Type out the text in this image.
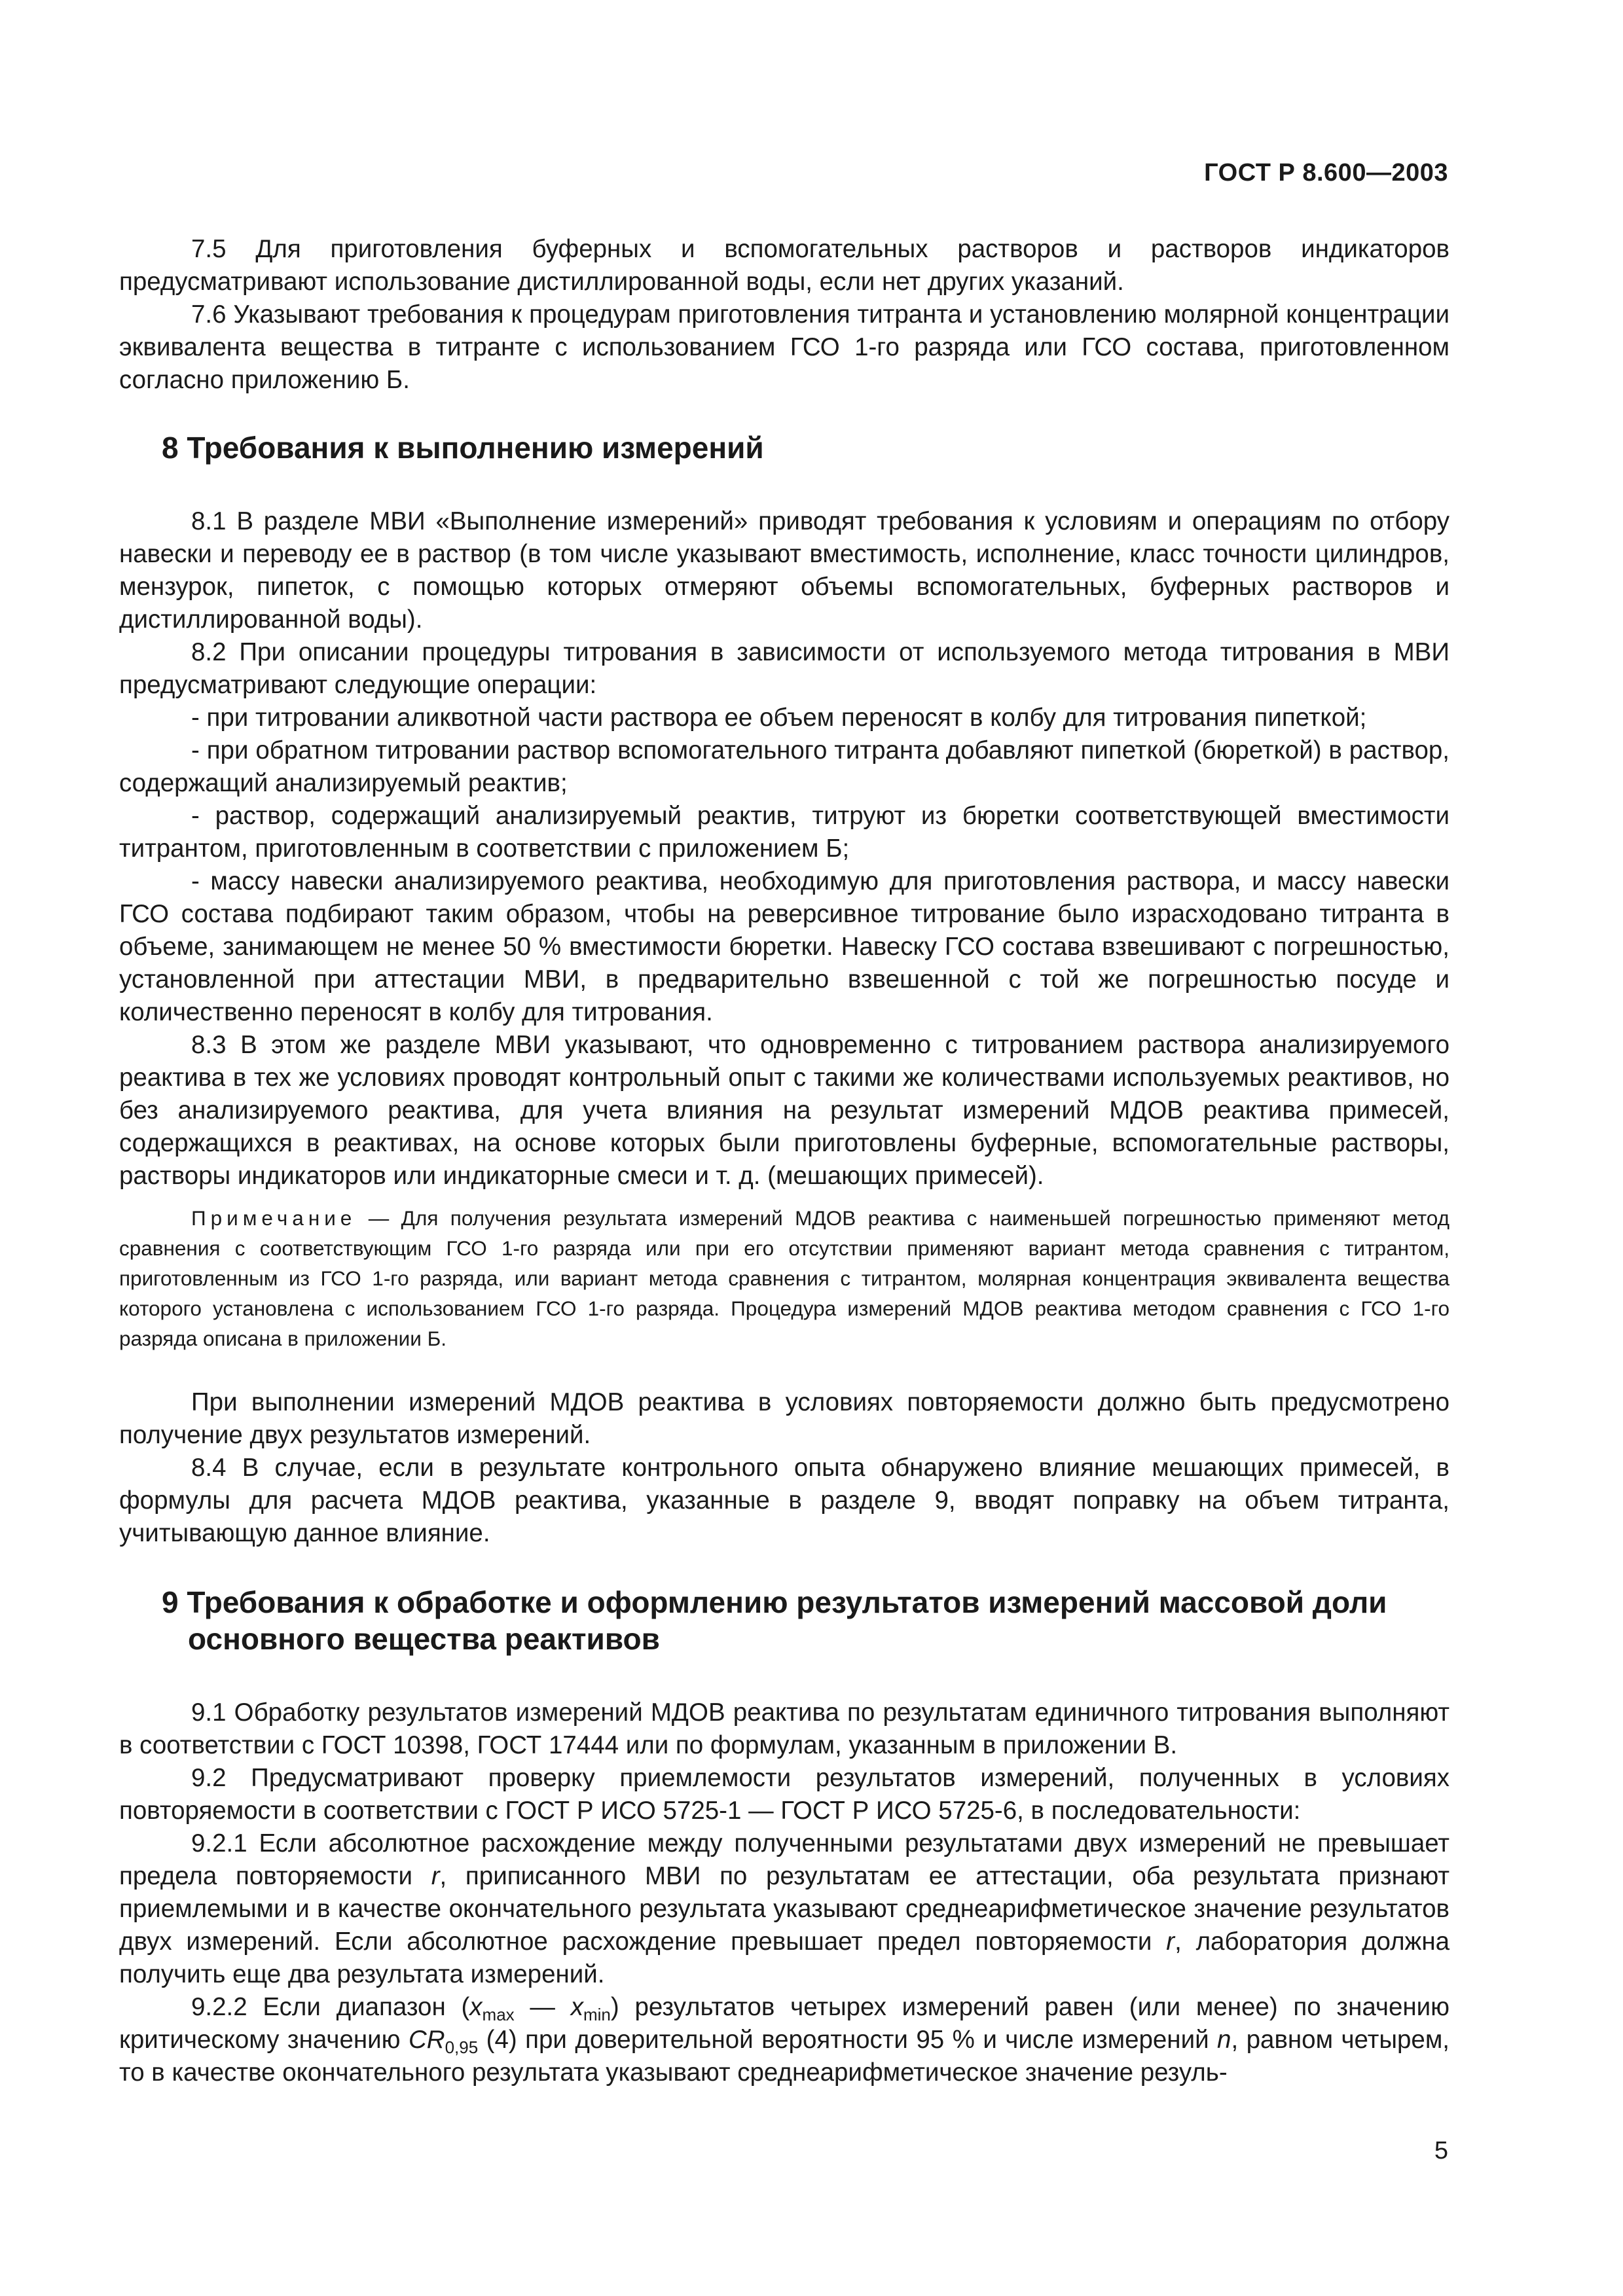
ГОСТ Р 8.600—2003

7.5 Для приготовления буферных и вспомогательных растворов и растворов индикаторов предусматривают использование дистиллированной воды, если нет других указаний.

7.6 Указывают требования к процедурам приготовления титранта и установлению молярной концентрации эквивалента вещества в титранте с использованием ГСО 1-го разряда или ГСО состава, приготовленном согласно приложению Б.

8 Требования к выполнению измерений

8.1 В разделе МВИ «Выполнение измерений» приводят требования к условиям и операциям по отбору навески и переводу ее в раствор (в том числе указывают вместимость, исполнение, класс точности цилиндров, мензурок, пипеток, с помощью которых отмеряют объемы вспомогательных, буферных растворов и дистиллированной воды).

8.2 При описании процедуры титрования в зависимости от используемого метода титрования в МВИ предусматривают следующие операции:

- при титровании аликвотной части раствора ее объем переносят в колбу для титрования пипеткой;

- при обратном титровании раствор вспомогательного титранта добавляют пипеткой (бюреткой) в раствор, содержащий анализируемый реактив;

- раствор, содержащий анализируемый реактив, титруют из бюретки соответствующей вместимости титрантом, приготовленным в соответствии с приложением Б;

- массу навески анализируемого реактива, необходимую для приготовления раствора, и массу навески ГСО состава подбирают таким образом, чтобы на реверсивное титрование было израсходовано титранта в объеме, занимающем не менее 50 % вместимости бюретки. Навеску ГСО состава взвешивают с погрешностью, установленной при аттестации МВИ, в предварительно взвешенной с той же погрешностью посуде и количественно переносят в колбу для титрования.

8.3 В этом же разделе МВИ указывают, что одновременно с титрованием раствора анализируемого реактива в тех же условиях проводят контрольный опыт с такими же количествами используемых реактивов, но без анализируемого реактива, для учета влияния на результат измерений МДОВ реактива примесей, содержащихся в реактивах, на основе которых были приготовлены буферные, вспомогательные растворы, растворы индикаторов или индикаторные смеси и т. д. (мешающих примесей).

Примечание — Для получения результата измерений МДОВ реактива с наименьшей погрешностью применяют метод сравнения с соответствующим ГСО 1-го разряда или при его отсутствии применяют вариант метода сравнения с титрантом, приготовленным из ГСО 1-го разряда, или вариант метода сравнения с титрантом, молярная концентрация эквивалента вещества которого установлена с использованием ГСО 1-го разряда. Процедура измерений МДОВ реактива методом сравнения с ГСО 1-го разряда описана в приложении Б.

При выполнении измерений МДОВ реактива в условиях повторяемости должно быть предусмотрено получение двух результатов измерений.

8.4 В случае, если в результате контрольного опыта обнаружено влияние мешающих примесей, в формулы для расчета МДОВ реактива, указанные в разделе 9, вводят поправку на объем титранта, учитывающую данное влияние.

9 Требования к обработке и оформлению результатов измерений массовой доли основного вещества реактивов

9.1 Обработку результатов измерений МДОВ реактива по результатам единичного титрования выполняют в соответствии с ГОСТ 10398, ГОСТ 17444 или по формулам, указанным в приложении В.

9.2 Предусматривают проверку приемлемости результатов измерений, полученных в условиях повторяемости в соответствии с ГОСТ Р ИСО 5725-1 — ГОСТ Р ИСО 5725-6, в последовательности:

9.2.1 Если абсолютное расхождение между полученными результатами двух измерений не превышает предела повторяемости r, приписанного МВИ по результатам ее аттестации, оба результата признают приемлемыми и в качестве окончательного результата указывают среднеарифметическое значение результатов двух измерений. Если абсолютное расхождение превышает предел повторяемости r, лаборатория должна получить еще два результата измерений.

9.2.2 Если диапазон ($x_{max}$ — $x_{min}$) результатов четырех измерений равен (или менее) по значению критическому значению $CR_{0,95}$ (4) при доверительной вероятности 95 % и числе измерений n, равном четырем, то в качестве окончательного результата указывают среднеарифметическое значение резуль-

5
